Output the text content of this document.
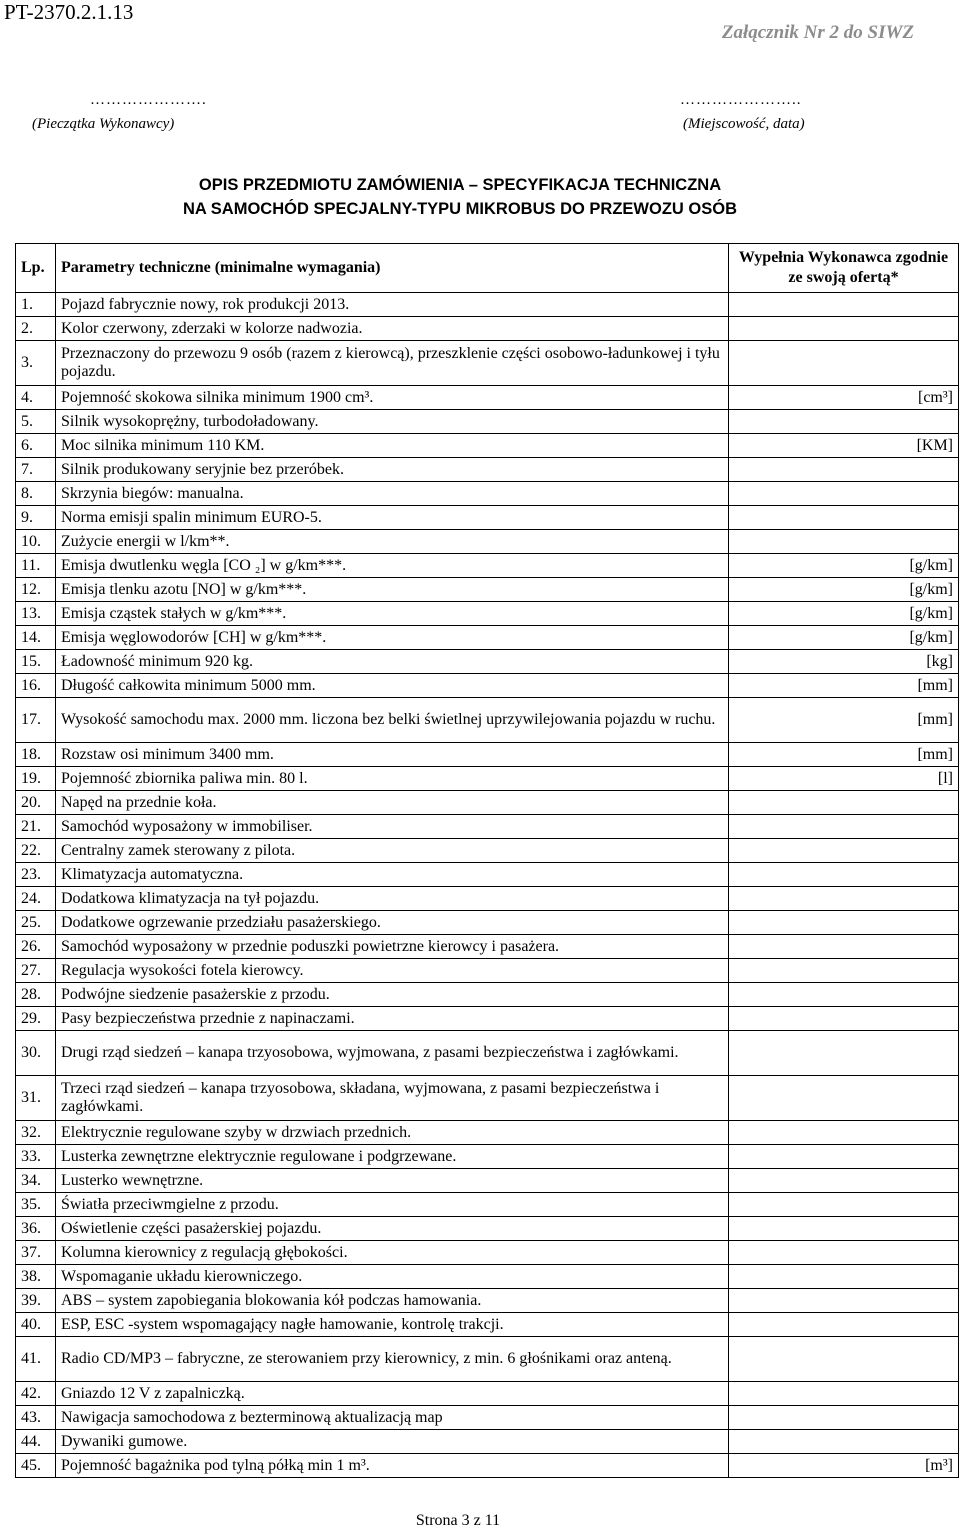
PT-2370.2.1.13
Załącznik Nr 2 do SIWZ
………………….	…………………..
(Pieczątka Wykonawcy)	(Miejscowość, data)
OPIS PRZEDMIOTU ZAMÓWIENIA – SPECYFIKACJA TECHNICZNA
NA SAMOCHÓD SPECJALNY-TYPU MIKROBUS DO PRZEWOZU OSÓB
Lp.	Parametry techniczne (minimalne wymagania)	Wypełnia Wykonawca zgodnie ze swoją ofertą*
1.	Pojazd fabrycznie nowy, rok produkcji 2013.	
2.	Kolor czerwony, zderzaki w kolorze nadwozia.	
3.	Przeznaczony do przewozu 9 osób (razem z kierowcą), przeszklenie części osobowo-ładunkowej i tyłu pojazdu.	
4.	Pojemność skokowa silnika minimum 1900 cm³.	[cm³]
5.	Silnik wysokoprężny, turbodoładowany.	
6.	Moc silnika minimum 110 KM.	[KM]
7.	Silnik produkowany seryjnie bez przeróbek.	
8.	Skrzynia biegów: manualna.	
9.	Norma emisji spalin minimum EURO-5.	
10.	Zużycie energii w l/km**.	
11.	Emisja dwutlenku węgla [CO ₂] w g/km***.	[g/km]
12.	Emisja tlenku azotu [NO] w g/km***.	[g/km]
13.	Emisja cząstek stałych w g/km***.	[g/km]
14.	Emisja węglowodorów [CH] w g/km***.	[g/km]
15.	Ładowność minimum 920 kg.	[kg]
16.	Długość całkowita minimum 5000 mm.	[mm]
17.	Wysokość samochodu max. 2000 mm. liczona bez belki świetlnej uprzywilejowania pojazdu w ruchu.	[mm]
18.	Rozstaw osi minimum 3400 mm.	[mm]
19.	Pojemność zbiornika paliwa min. 80 l.	[l]
20.	Napęd na przednie koła.	
21.	Samochód wyposażony w immobiliser.	
22.	Centralny zamek sterowany z pilota.	
23.	Klimatyzacja automatyczna.	
24.	Dodatkowa klimatyzacja na tył pojazdu.	
25.	Dodatkowe ogrzewanie przedziału pasażerskiego.	
26.	Samochód wyposażony w przednie poduszki powietrzne kierowcy i pasażera.	
27.	Regulacja wysokości fotela kierowcy.	
28.	Podwójne siedzenie pasażerskie z przodu.	
29.	Pasy bezpieczeństwa przednie z napinaczami.	
30.	Drugi rząd siedzeń – kanapa trzyosobowa, wyjmowana, z pasami bezpieczeństwa i zagłówkami.	
31.	Trzeci rząd siedzeń – kanapa trzyosobowa, składana, wyjmowana, z pasami bezpieczeństwa i zagłówkami.	
32.	Elektrycznie regulowane szyby w drzwiach przednich.	
33.	Lusterka zewnętrzne elektrycznie regulowane i podgrzewane.	
34.	Lusterko wewnętrzne.	
35.	Światła przeciwmgielne z przodu.	
36.	Oświetlenie części pasażerskiej pojazdu.	
37.	Kolumna kierownicy z regulacją głębokości.	
38.	Wspomaganie układu kierowniczego.	
39.	ABS – system zapobiegania blokowania kół podczas hamowania.	
40.	ESP, ESC -system wspomagający nagłe hamowanie, kontrolę trakcji.	
41.	Radio CD/MP3 – fabryczne, ze sterowaniem przy kierownicy, z min. 6 głośnikami oraz anteną.	
42.	Gniazdo 12 V z zapalniczką.	
43.	Nawigacja samochodowa z bezterminową aktualizacją map	
44.	Dywaniki gumowe.	
45.	Pojemność bagażnika pod tylną półką min 1 m³.	[m³]
Strona 3 z 11
